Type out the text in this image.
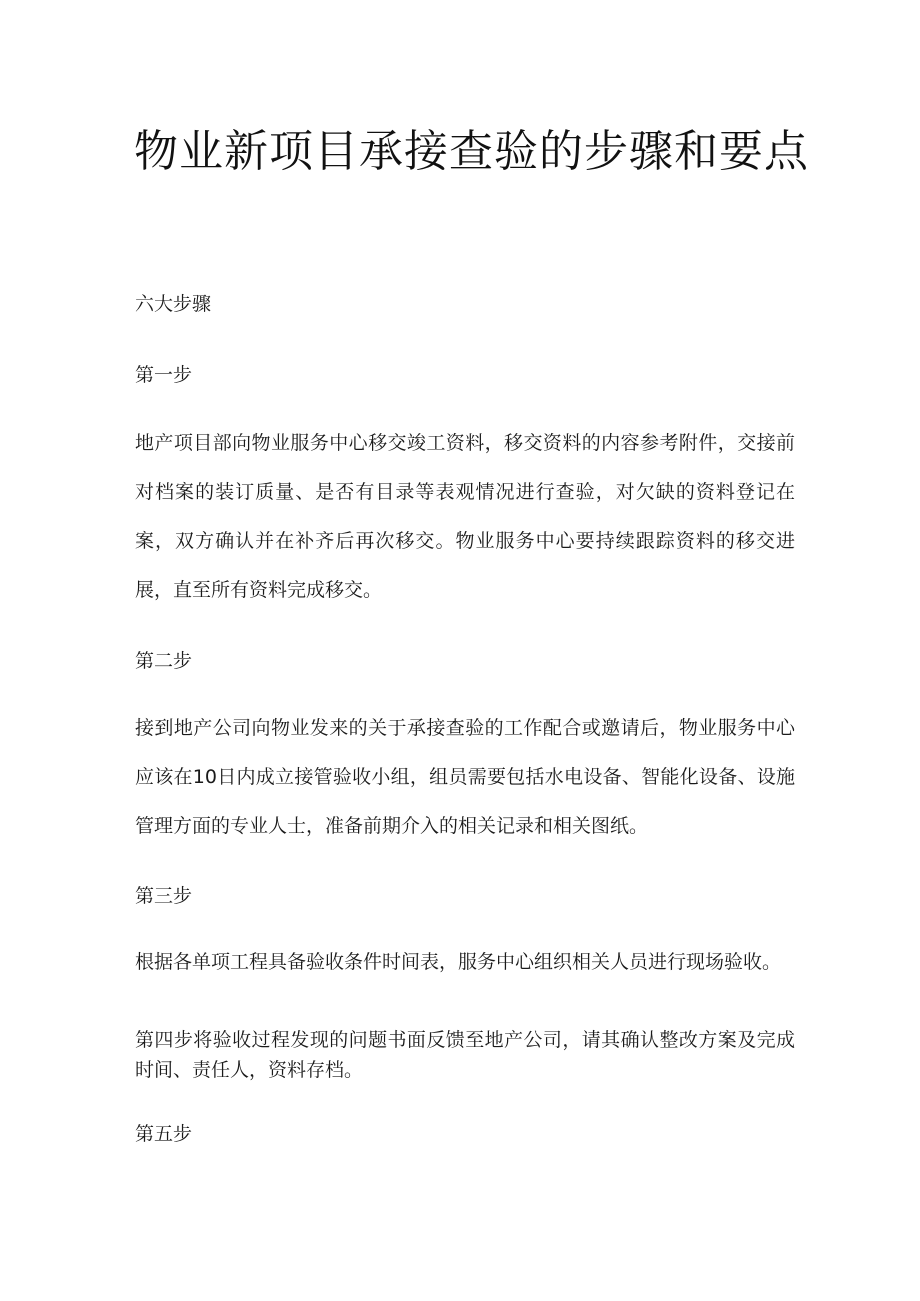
物业新项目承接查验的步骤和要点
六大步骤
第一步

地产项目部向物业服务中心移交竣工资料，移交资料的内容参考附件，交接前对档案的装订质量、是否有目录等表观情况进行查验，对欠缺的资料登记在案，双方确认并在补齐后再次移交。物业服务中心要持续跟踪资料的移交进展，直至所有资料完成移交。

第二步

接到地产公司向物业发来的关于承接查验的工作配合或邀请后，物业服务中心应该在10日内成立接管验收小组，组员需要包括水电设备、智能化设备、设施管理方面的专业人士，准备前期介入的相关记录和相关图纸。

第三步

根据各单项工程具备验收条件时间表，服务中心组织相关人员进行现场验收。

第四步将验收过程发现的问题书面反馈至地产公司，请其确认整改方案及完成时间、责任人，资料存档。

第五步
